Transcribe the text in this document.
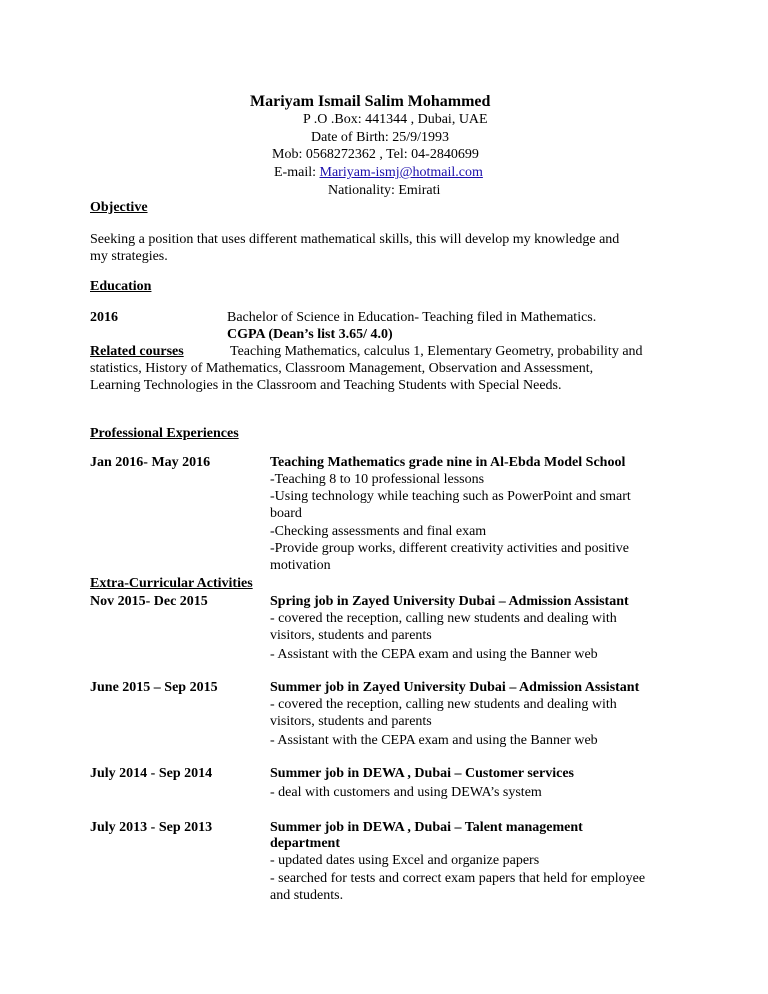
Mariyam Ismail Salim Mohammed
P .O .Box: 441344 , Dubai, UAE
Date of Birth: 25/9/1993
Mob: 0568272362 , Tel: 04-2840699
E-mail: Mariyam-ismj@hotmail.com
Nationality: Emirati
Objective
Seeking a position that uses different mathematical skills, this will develop my knowledge and
my strategies.
Education
2016	Bachelor of Science in Education- Teaching filed in Mathematics.
CGPA (Dean’s list 3.65/ 4.0)
Related courses	Teaching Mathematics, calculus 1, Elementary Geometry, probability and
statistics, History of Mathematics, Classroom Management, Observation and Assessment,
Learning Technologies in the Classroom and Teaching Students with Special Needs.
Professional Experiences
Jan 2016- May 2016	Teaching Mathematics grade nine in Al-Ebda Model School
-Teaching 8 to 10 professional lessons
-Using technology while teaching such as PowerPoint and smart
board
-Checking assessments and final exam
-Provide group works, different creativity activities and positive
motivation
Extra-Curricular Activities
Nov 2015- Dec 2015	Spring job in Zayed University Dubai – Admission Assistant
- covered the reception, calling new students and dealing with
visitors, students and parents
- Assistant with the CEPA exam and using the Banner web
June 2015 – Sep 2015	Summer job in Zayed University Dubai – Admission Assistant
- covered the reception, calling new students and dealing with
visitors, students and parents
- Assistant with the CEPA exam and using the Banner web
July 2014 - Sep 2014	Summer job in DEWA , Dubai – Customer services
- deal with customers and using DEWA’s system
July 2013 - Sep 2013	Summer job in DEWA , Dubai – Talent management
department
- updated dates using Excel and organize papers
- searched for tests and correct exam papers that held for employee
and students.
